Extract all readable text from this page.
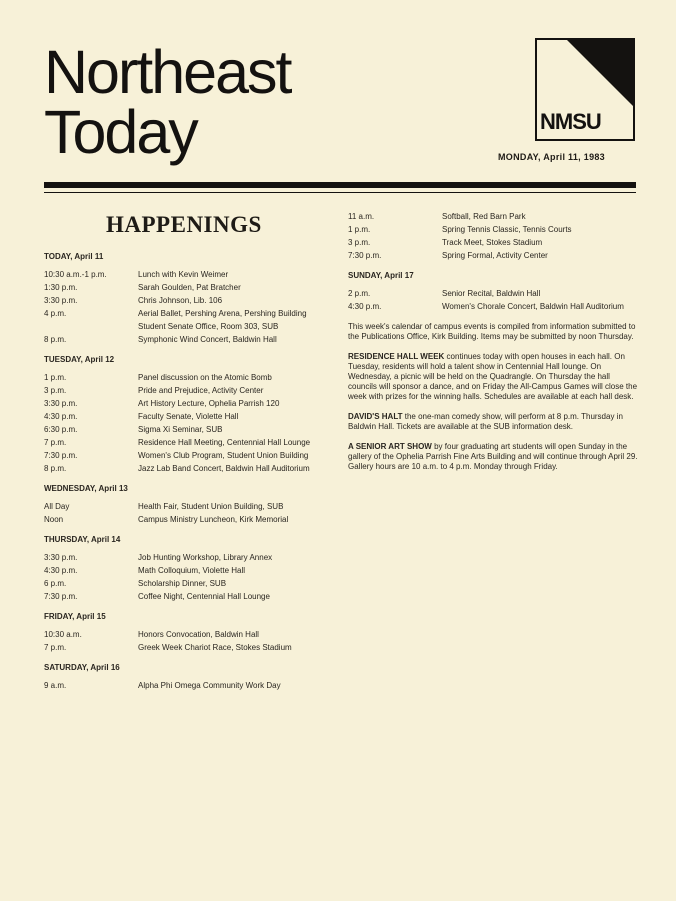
Northeast
Today	NMSU
MONDAY, April 11, 1983
HAPPENINGS
TODAY, April 11
10:30 a.m.-1 p.m.	Lunch with Kevin Weimer
1:30 p.m.	Sarah Goulden, Pat Bratcher
3:30 p.m.	Chris Johnson, Lib. 106
4 p.m.	Aerial Ballet, Pershing Arena, Pershing Building
Student Senate Office, Room 303, SUB
8 p.m.	Symphonic Wind Concert, Baldwin Hall
TUESDAY, April 12
1 p.m.	Panel discussion on the Atomic Bomb
3 p.m.	Pride and Prejudice, Activity Center
3:30 p.m.	Art History Lecture, Ophelia Parrish 120
4:30 p.m.	Faculty Senate, Violette Hall
6:30 p.m.	Sigma Xi Seminar, SUB
7 p.m.	Residence Hall Meeting, Centennial Hall Lounge
7:30 p.m.	Women's Club Program, Student Union Building
8 p.m.	Jazz Lab Band Concert, Baldwin Hall Auditorium
WEDNESDAY, April 13
All Day	Health Fair, Student Union Building, SUB
Noon	Campus Ministry Luncheon, Kirk Memorial
THURSDAY, April 14
3:30 p.m.	Job Hunting Workshop, Library Annex
4:30 p.m.	Math Colloquium, Violette Hall
6 p.m.	Scholarship Dinner, SUB
7:30 p.m.	Coffee Night, Centennial Hall Lounge
FRIDAY, April 15
10:30 a.m.	Honors Convocation, Baldwin Hall
7 p.m.	Greek Week Chariot Race, Stokes Stadium
SATURDAY, April 16
9 a.m.	Alpha Phi Omega Community Work Day
11 a.m.	Softball, Red Barn Park
1 p.m.	Spring Tennis Classic, Tennis Courts
3 p.m.	Track Meet, Stokes Stadium
7:30 p.m.	Spring Formal, Activity Center
SUNDAY, April 17
2 p.m.	Senior Recital, Baldwin Hall
4:30 p.m.	Women's Chorale Concert, Baldwin Hall Auditorium
This week's calendar of campus events is compiled from information submitted to the Publications Office, Kirk Building. Items may be submitted by noon Thursday.
RESIDENCE HALL WEEK continues today with open houses in each hall. On Tuesday, residents will hold a talent show in Centennial Hall lounge. On Wednesday, a picnic will be held on the Quadrangle. On Thursday the hall councils will sponsor a dance, and on Friday the All-Campus Games will close the week with prizes for the winning halls. Schedules are available at each hall desk.
DAVID'S HALT the one-man comedy show, will perform at 8 p.m. Thursday in Baldwin Hall. Tickets are available at the SUB information desk.
A SENIOR ART SHOW by four graduating art students will open Sunday in the gallery of the Ophelia Parrish Fine Arts Building and will continue through April 29. Gallery hours are 10 a.m. to 4 p.m. Monday through Friday.
